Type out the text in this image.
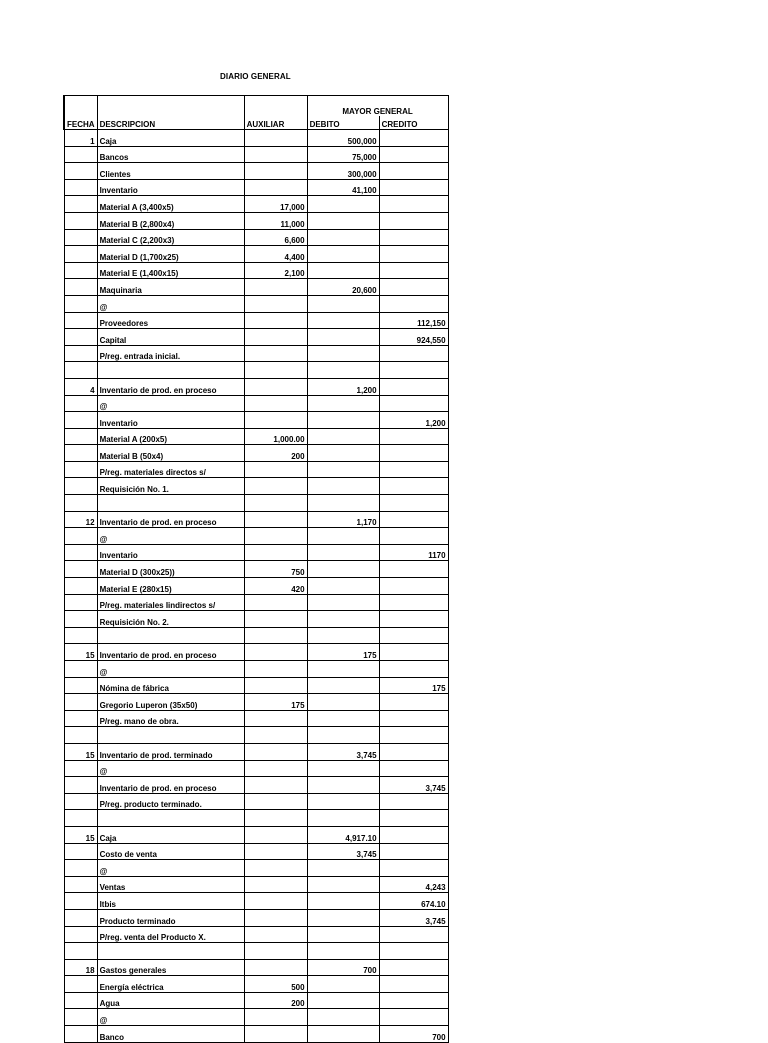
DIARIO GENERAL
			MAYOR GENERAL	
FECHA	DESCRIPCION	AUXILIAR	DEBITO	CREDITO
1	Caja		500,000	
	Bancos		75,000	
	Clientes		300,000	
	Inventario		41,100	
	Material A (3,400x5)	17,000		
	Material B (2,800x4)	11,000		
	Material C (2,200x3)	6,600		
	Material D (1,700x25)	4,400		
	Material E (1,400x15)	2,100		
	Maquinaria		20,600	
	@			
	Proveedores			112,150
	Capital			924,550
	P/reg. entrada inicial.			

4	Inventario de prod. en proceso		1,200	
	@			
	Inventario			1,200
	Material A (200x5)	1,000.00		
	Material B (50x4)	200		
	P/reg. materiales directos s/			
	Requisición No. 1.			

12	Inventario de prod. en proceso		1,170	
	@			
	Inventario			1170
	Material D (300x25))	750		
	Material E (280x15)	420		
	P/reg. materiales Iindirectos s/			
	Requisición No. 2.			

15	Inventario de prod. en proceso		175	
	@			
	Nómina de fábrica			175
	Gregorio Luperon (35x50)	175		
	P/reg. mano de obra.			

15	Inventario de prod. terminado		3,745	
	@			
	Inventario de prod. en proceso			3,745
	P/reg. producto terminado.			

15	Caja		4,917.10	
	Costo de venta		3,745	
	@			
	Ventas			4,243
	Itbis			674.10
	Producto terminado			3,745
	P/reg. venta del Producto X.			

18	Gastos generales		700	
	Energía eléctrica	500		
	Agua	200		
	@			
	Banco			700
